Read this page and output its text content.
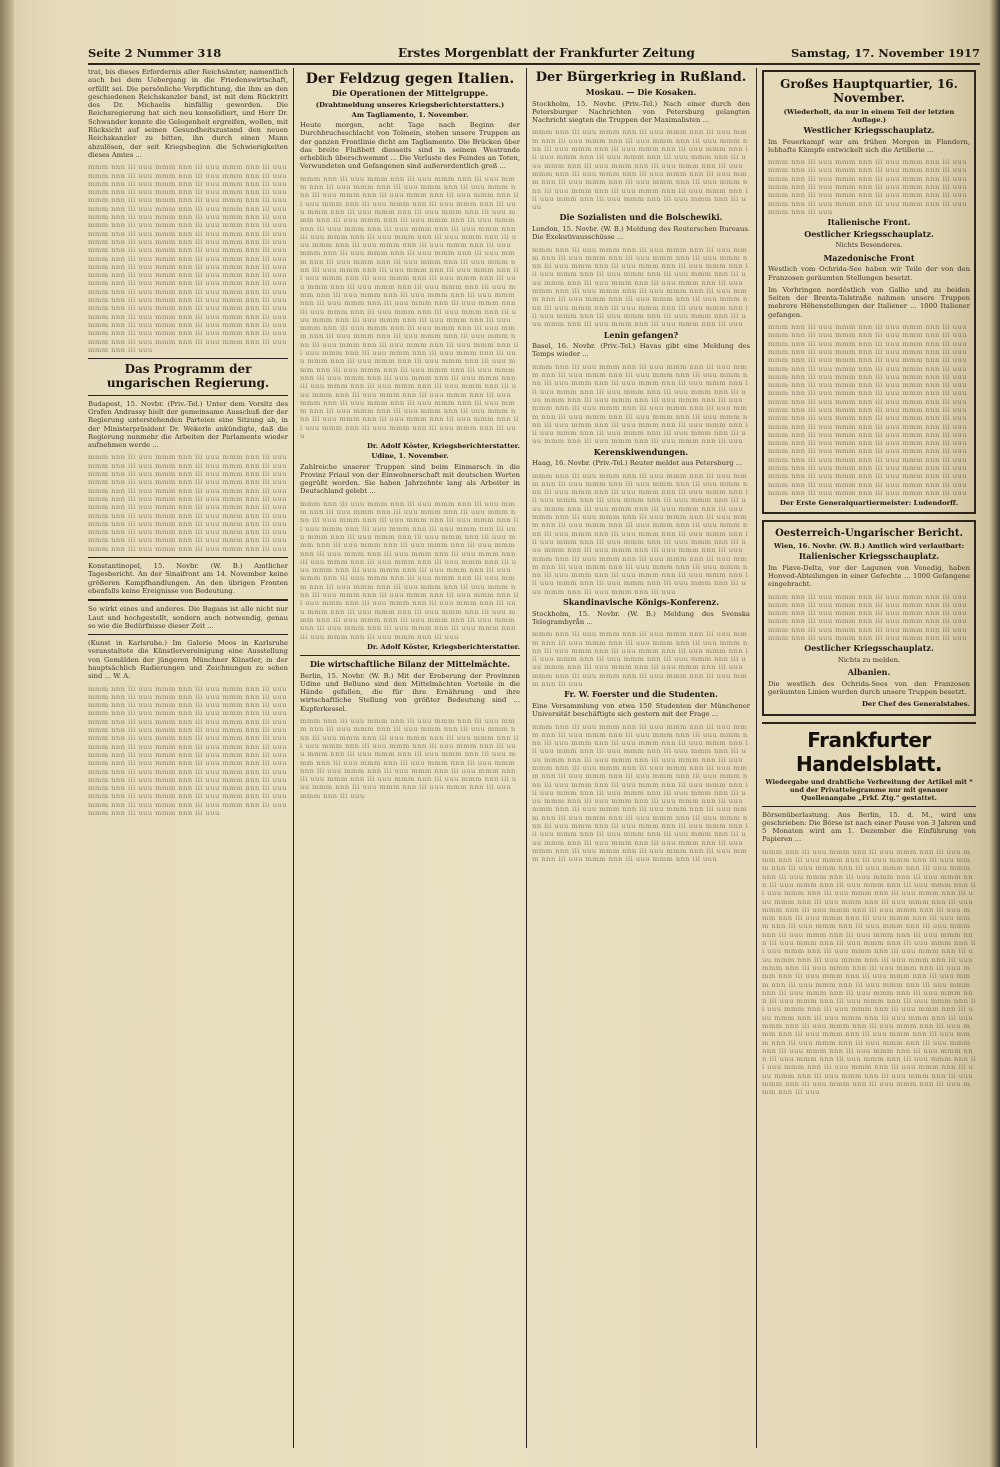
Seite 2 Nummer 318	Erstes Morgenblatt der Frankfurter Zeitung	Samstag, 17. November 1917

trat, bis dieses Erfordernis aller Reichsämter, namentlich auch bei dem Uebergang in die Friedenswirtschaft, erfüllt sei. Die persönliche Verpflichtung, die ihm an den geschiedenen Reichskanzler band, ist mit dem Rücktritt des Dr. Michaelis hinfällig geworden. Die Reichsregierung hat sich neu konsolidiert, und Herr Dr. Schwander konnte die Gelegenheit ergreifen, wollen, mit Rücksicht auf seinen Gesundheitszustand den neuen Reichskanzler zu bitten, ihn durch einen Mann abzulösen, der seit Kriegsbeginn die Schwierigkeiten dieses Amtes ...

mmm nnn iii uuu mmm nnn iii uuu mmm nnn iii uuu mmm nnn iii uuu mmm nnn iii uuu mmm nnn iii uuu mmm nnn iii uuu mmm nnn iii uuu mmm nnn iii uuu mmm nnn iii uuu mmm nnn iii uuu mmm nnn iii uuu mmm nnn iii uuu mmm nnn iii uuu mmm nnn iii uuu mmm nnn iii uuu mmm nnn iii uuu mmm nnn iii uuu mmm nnn iii uuu mmm nnn iii uuu mmm nnn iii uuu mmm nnn iii uuu mmm nnn iii uuu mmm nnn iii uuu mmm nnn iii uuu mmm nnn iii uuu mmm nnn iii uuu mmm nnn iii uuu mmm nnn iii uuu mmm nnn iii uuu mmm nnn iii uuu mmm nnn iii uuu mmm nnn iii uuu mmm nnn iii uuu mmm nnn iii uuu mmm nnn iii uuu mmm nnn iii uuu mmm nnn iii uuu mmm nnn iii uuu mmm nnn iii uuu mmm nnn iii uuu mmm nnn iii uuu mmm nnn iii uuu mmm nnn iii uuu mmm nnn iii uuu mmm nnn iii uuu mmm nnn iii uuu mmm nnn iii uuu mmm nnn iii uuu mmm nnn iii uuu mmm nnn iii uuu mmm nnn iii uuu mmm nnn iii uuu mmm nnn iii uuu mmm nnn iii uuu mmm nnn iii uuu mmm nnn iii uuu mmm nnn iii uuu mmm nnn iii uuu mmm nnn iii uuu mmm nnn iii uuu mmm nnn iii uuu mmm nnn iii uuu mmm nnn iii uuu mmm nnn iii uuu mmm nnn iii uuu mmm nnn iii uuu

Das Programm der ungarischen Regierung.

Budapest, 15. Novbr. (Priv.-Tel.) Unter dem Vorsitz des Grafen Andrassy hielt der gemeinsame Ausschuß der der Regierung unterstehenden Parteien eine Sitzung ab, in der Ministerpräsident Dr. Wekerle ankündigte, daß die Regierung nunmehr die Arbeiten der Parlamente wieder aufnehmen werde ...

mmm nnn iii uuu mmm nnn iii uuu mmm nnn iii uuu mmm nnn iii uuu mmm nnn iii uuu mmm nnn iii uuu mmm nnn iii uuu mmm nnn iii uuu mmm nnn iii uuu mmm nnn iii uuu mmm nnn iii uuu mmm nnn iii uuu mmm nnn iii uuu mmm nnn iii uuu mmm nnn iii uuu mmm nnn iii uuu mmm nnn iii uuu mmm nnn iii uuu mmm nnn iii uuu mmm nnn iii uuu mmm nnn iii uuu mmm nnn iii uuu mmm nnn iii uuu mmm nnn iii uuu mmm nnn iii uuu mmm nnn iii uuu mmm nnn iii uuu mmm nnn iii uuu mmm nnn iii uuu mmm nnn iii uuu mmm nnn iii uuu mmm nnn iii uuu mmm nnn iii uuu mmm nnn iii uuu mmm nnn iii uuu mmm nnn iii uuu

Konstantinopel, 15. Novbr. (W. B.) Amtlicher Tagesbericht. An der Sinaifront am 14. November keine größeren Kampfhandlungen. An den übrigen Fronten ebenfalls keine Ereignisse von Bedeutung.

So wirkt eines und anderes. Die Bagaas ist alle nicht nur Laut und hochgestellt, sondern auch notwendig, genau so wie die Bedürfnisse dieser Zeit ...

(Kunst in Karlsruhe.) Im Galerie Moos in Karlsruhe veranstaltete die Künstlervereinigung eine Ausstellung von Gemälden der jüngeren Münchner Künstler, in der hauptsächlich Radierungen und Zeichnungen zu sehen sind ... W. A.

mmm nnn iii uuu mmm nnn iii uuu mmm nnn iii uuu mmm nnn iii uuu mmm nnn iii uuu mmm nnn iii uuu mmm nnn iii uuu mmm nnn iii uuu mmm nnn iii uuu mmm nnn iii uuu mmm nnn iii uuu mmm nnn iii uuu mmm nnn iii uuu mmm nnn iii uuu mmm nnn iii uuu mmm nnn iii uuu mmm nnn iii uuu mmm nnn iii uuu mmm nnn iii uuu mmm nnn iii uuu mmm nnn iii uuu mmm nnn iii uuu mmm nnn iii uuu mmm nnn iii uuu mmm nnn iii uuu mmm nnn iii uuu mmm nnn iii uuu mmm nnn iii uuu mmm nnn iii uuu mmm nnn iii uuu mmm nnn iii uuu mmm nnn iii uuu mmm nnn iii uuu mmm nnn iii uuu mmm nnn iii uuu mmm nnn iii uuu mmm nnn iii uuu mmm nnn iii uuu mmm nnn iii uuu mmm nnn iii uuu mmm nnn iii uuu mmm nnn iii uuu mmm nnn iii uuu mmm nnn iii uuu mmm nnn iii uuu mmm nnn iii uuu mmm nnn iii uuu

Der Feldzug gegen Italien.
Die Operationen der Mittelgruppe.
(Drahtmeldung unseres Kriegsberichterstatters.)
Am Tagliamento, 1. November.

Heute morgen, acht Tage nach Beginn der Durchbruchsschlacht von Tolmein, stehen unsere Truppen an der ganzen Frontlinie dicht am Tagliamento. Die Brücken über das breite Flußbett diesseits sind in seinem Westrande erheblich überschwemmt ... Die Verluste des Feindes an Toten, Verwundeten und Gefangenen sind außerordentlich groß ...

mmm nnn iii uuu mmm nnn iii uuu mmm nnn iii uuu mmm nnn iii uuu mmm nnn iii uuu mmm nnn iii uuu mmm nnn iii uuu mmm nnn iii uuu mmm nnn iii uuu mmm nnn iii uuu mmm nnn iii uuu mmm nnn iii uuu mmm nnn iii uuu mmm nnn iii uuu mmm nnn iii uuu mmm nnn iii uuu mmm nnn iii uuu mmm nnn iii uuu mmm nnn iii uuu mmm nnn iii uuu mmm nnn iii uuu mmm nnn iii uuu mmm nnn iii uuu mmm nnn iii uuu mmm nnn iii uuu mmm nnn iii uuu mmm nnn iii uuu mmm nnn iii uuu mmm nnn iii uuu mmm nnn iii uuu mmm nnn iii uuu mmm nnn iii uuu mmm nnn iii uuu mmm nnn iii uuu mmm nnn iii uuu mmm nnn iii uuu mmm nnn iii uuu mmm nnn iii uuu mmm nnn iii uuu mmm nnn iii uuu mmm nnn iii uuu mmm nnn iii uuu mmm nnn iii uuu mmm nnn iii uuu mmm nnn iii uuu mmm nnn iii uuu mmm nnn iii uuu mmm nnn iii uuu mmm nnn iii uuu mmm nnn iii uuu mmm nnn iii uuu mmm nnn iii uuu mmm nnn iii uuu mmm nnn iii uuu mmm nnn iii uuu mmm nnn iii uuu mmm nnn iii uuu mmm nnn iii uuu mmm nnn iii uuu mmm nnn iii uuu mmm nnn iii uuu mmm nnn iii uuu mmm nnn iii uuu mmm nnn iii uuu mmm nnn iii uuu mmm nnn iii uuu mmm nnn iii uuu mmm nnn iii uuu mmm nnn iii uuu mmm nnn iii uuu mmm nnn iii uuu mmm nnn iii uuu mmm nnn iii uuu mmm nnn iii uuu mmm nnn iii uuu mmm nnn iii uuu mmm nnn iii uuu mmm nnn iii uuu mmm nnn iii uuu mmm nnn iii uuu mmm nnn iii uuu mmm nnn iii uuu mmm nnn iii uuu mmm nnn iii uuu mmm nnn iii uuu mmm nnn iii uuu mmm nnn iii uuu mmm nnn iii uuu mmm nnn iii uuu mmm nnn iii uuu mmm nnn iii uuu mmm nnn iii uuu mmm nnn iii uuu mmm nnn iii uuu mmm nnn iii uuu mmm nnn iii uuu mmm nnn iii uuu mmm nnn iii uuu mmm nnn iii uuu mmm nnn iii uuu

Dr. Adolf Köster, Kriegsberichterstatter.
Udine, 1. November.

Zahlreiche unserer Truppen sind beim Einmarsch in die Provinz Friaul von der Einwohnerschaft mit deutschen Worten gegrüßt worden. Sie haben Jahrzehnte lang als Arbeiter in Deutschland gelebt ...

mmm nnn iii uuu mmm nnn iii uuu mmm nnn iii uuu mmm nnn iii uuu mmm nnn iii uuu mmm nnn iii uuu mmm nnn iii uuu mmm nnn iii uuu mmm nnn iii uuu mmm nnn iii uuu mmm nnn iii uuu mmm nnn iii uuu mmm nnn iii uuu mmm nnn iii uuu mmm nnn iii uuu mmm nnn iii uuu mmm nnn iii uuu mmm nnn iii uuu mmm nnn iii uuu mmm nnn iii uuu mmm nnn iii uuu mmm nnn iii uuu mmm nnn iii uuu mmm nnn iii uuu mmm nnn iii uuu mmm nnn iii uuu mmm nnn iii uuu mmm nnn iii uuu mmm nnn iii uuu mmm nnn iii uuu mmm nnn iii uuu mmm nnn iii uuu mmm nnn iii uuu mmm nnn iii uuu mmm nnn iii uuu mmm nnn iii uuu mmm nnn iii uuu mmm nnn iii uuu mmm nnn iii uuu mmm nnn iii uuu mmm nnn iii uuu mmm nnn iii uuu mmm nnn iii uuu mmm nnn iii uuu mmm nnn iii uuu mmm nnn iii uuu mmm nnn iii uuu mmm nnn iii uuu mmm nnn iii uuu mmm nnn iii uuu mmm nnn iii uuu mmm nnn iii uuu mmm nnn iii uuu mmm nnn iii uuu

Dr. Adolf Köster, Kriegsberichterstatter.
Die wirtschaftliche Bilanz der Mittelmächte.

Berlin, 15. Novbr. (W. B.) Mit der Eroberung der Provinzen Udine und Belluno sind den Mittelmächten Vorteile in die Hände gefallen, die für ihre Ernährung und ihre wirtschaftliche Stellung von größter Bedeutung sind ... Kupferkessel.

mmm nnn iii uuu mmm nnn iii uuu mmm nnn iii uuu mmm nnn iii uuu mmm nnn iii uuu mmm nnn iii uuu mmm nnn iii uuu mmm nnn iii uuu mmm nnn iii uuu mmm nnn iii uuu mmm nnn iii uuu mmm nnn iii uuu mmm nnn iii uuu mmm nnn iii uuu mmm nnn iii uuu mmm nnn iii uuu mmm nnn iii uuu mmm nnn iii uuu mmm nnn iii uuu mmm nnn iii uuu mmm nnn iii uuu mmm nnn iii uuu mmm nnn iii uuu mmm nnn iii uuu mmm nnn iii uuu mmm nnn iii uuu mmm nnn iii uuu mmm nnn iii uuu mmm nnn iii uuu mmm nnn iii uuu

Der Bürgerkrieg in Rußland.
Moskau. — Die Kosaken.

Stockholm, 15. Novbr. (Priv.-Tel.) Nach einer durch den Petersburger Nachrichten von Petersburg gelangten Nachricht siegten die Truppen der Maximalisten ...

mmm nnn iii uuu mmm nnn iii uuu mmm nnn iii uuu mmm nnn iii uuu mmm nnn iii uuu mmm nnn iii uuu mmm nnn iii uuu mmm nnn iii uuu mmm nnn iii uuu mmm nnn iii uuu mmm nnn iii uuu mmm nnn iii uuu mmm nnn iii uuu mmm nnn iii uuu mmm nnn iii uuu mmm nnn iii uuu mmm nnn iii uuu mmm nnn iii uuu mmm nnn iii uuu mmm nnn iii uuu mmm nnn iii uuu mmm nnn iii uuu mmm nnn iii uuu mmm nnn iii uuu mmm nnn iii uuu mmm nnn iii uuu mmm nnn iii uuu mmm nnn iii uuu mmm nnn iii uuu

Die Sozialisten und die Bolschewiki.

London, 15. Novbr. (W. B.) Meldung des Reuterschen Bureaus. Die Exekutivausschüsse ...

mmm nnn iii uuu mmm nnn iii uuu mmm nnn iii uuu mmm nnn iii uuu mmm nnn iii uuu mmm nnn iii uuu mmm nnn iii uuu mmm nnn iii uuu mmm nnn iii uuu mmm nnn iii uuu mmm nnn iii uuu mmm nnn iii uuu mmm nnn iii uuu mmm nnn iii uuu mmm nnn iii uuu mmm nnn iii uuu mmm nnn iii uuu mmm nnn iii uuu mmm nnn iii uuu mmm nnn iii uuu mmm nnn iii uuu mmm nnn iii uuu mmm nnn iii uuu mmm nnn iii uuu mmm nnn iii uuu mmm nnn iii uuu mmm nnn iii uuu mmm nnn iii uuu mmm nnn iii uuu mmm nnn iii uuu mmm nnn iii uuu mmm nnn iii uuu

Lenin gefangen?

Basel, 16. Novbr. (Priv.-Tel.) Havas gibt eine Meldung des Temps wieder ...

mmm nnn iii uuu mmm nnn iii uuu mmm nnn iii uuu mmm nnn iii uuu mmm nnn iii uuu mmm nnn iii uuu mmm nnn iii uuu mmm nnn iii uuu mmm nnn iii uuu mmm nnn iii uuu mmm nnn iii uuu mmm nnn iii uuu mmm nnn iii uuu mmm nnn iii uuu mmm nnn iii uuu mmm nnn iii uuu mmm nnn iii uuu mmm nnn iii uuu mmm nnn iii uuu mmm nnn iii uuu mmm nnn iii uuu mmm nnn iii uuu mmm nnn iii uuu mmm nnn iii uuu mmm nnn iii uuu mmm nnn iii uuu mmm nnn iii uuu mmm nnn iii uuu mmm nnn iii uuu mmm nnn iii uuu mmm nnn iii uuu mmm nnn iii uuu

Kerenskiwendungen.

Haag, 16. Novbr. (Priv.-Tel.) Reuter meldet aus Petersburg ...

mmm nnn iii uuu mmm nnn iii uuu mmm nnn iii uuu mmm nnn iii uuu mmm nnn iii uuu mmm nnn iii uuu mmm nnn iii uuu mmm nnn iii uuu mmm nnn iii uuu mmm nnn iii uuu mmm nnn iii uuu mmm nnn iii uuu mmm nnn iii uuu mmm nnn iii uuu mmm nnn iii uuu mmm nnn iii uuu mmm nnn iii uuu mmm nnn iii uuu mmm nnn iii uuu mmm nnn iii uuu mmm nnn iii uuu mmm nnn iii uuu mmm nnn iii uuu mmm nnn iii uuu mmm nnn iii uuu mmm nnn iii uuu mmm nnn iii uuu mmm nnn iii uuu mmm nnn iii uuu mmm nnn iii uuu mmm nnn iii uuu mmm nnn iii uuu mmm nnn iii uuu mmm nnn iii uuu mmm nnn iii uuu mmm nnn iii uuu mmm nnn iii uuu mmm nnn iii uuu mmm nnn iii uuu mmm nnn iii uuu mmm nnn iii uuu mmm nnn iii uuu mmm nnn iii uuu mmm nnn iii uuu mmm nnn iii uuu mmm nnn iii uuu mmm nnn iii uuu

Skandinavische Königs-Konferenz.

Stockholm, 15. Novbr. (W. B.) Meldung des Svenska Telegrambyrån ...

mmm nnn iii uuu mmm nnn iii uuu mmm nnn iii uuu mmm nnn iii uuu mmm nnn iii uuu mmm nnn iii uuu mmm nnn iii uuu mmm nnn iii uuu mmm nnn iii uuu mmm nnn iii uuu mmm nnn iii uuu mmm nnn iii uuu mmm nnn iii uuu mmm nnn iii uuu mmm nnn iii uuu mmm nnn iii uuu mmm nnn iii uuu mmm nnn iii uuu mmm nnn iii uuu mmm nnn iii uuu

Fr. W. Foerster und die Studenten.

Eine Versammlung von etwa 150 Studenten der Münchener Universität beschäftigte sich gestern mit der Frage ...

mmm nnn iii uuu mmm nnn iii uuu mmm nnn iii uuu mmm nnn iii uuu mmm nnn iii uuu mmm nnn iii uuu mmm nnn iii uuu mmm nnn iii uuu mmm nnn iii uuu mmm nnn iii uuu mmm nnn iii uuu mmm nnn iii uuu mmm nnn iii uuu mmm nnn iii uuu mmm nnn iii uuu mmm nnn iii uuu mmm nnn iii uuu mmm nnn iii uuu mmm nnn iii uuu mmm nnn iii uuu mmm nnn iii uuu mmm nnn iii uuu mmm nnn iii uuu mmm nnn iii uuu mmm nnn iii uuu mmm nnn iii uuu mmm nnn iii uuu mmm nnn iii uuu mmm nnn iii uuu mmm nnn iii uuu mmm nnn iii uuu mmm nnn iii uuu mmm nnn iii uuu mmm nnn iii uuu mmm nnn iii uuu mmm nnn iii uuu mmm nnn iii uuu mmm nnn iii uuu mmm nnn iii uuu mmm nnn iii uuu mmm nnn iii uuu mmm nnn iii uuu mmm nnn iii uuu mmm nnn iii uuu mmm nnn iii uuu mmm nnn iii uuu mmm nnn iii uuu mmm nnn iii uuu mmm nnn iii uuu mmm nnn iii uuu mmm nnn iii uuu mmm nnn iii uuu mmm nnn iii uuu mmm nnn iii uuu

Großes Hauptquartier, 16. November.
(Wiederholt, da nur in einem Teil der letzten Auflage.)
Westlicher Kriegsschauplatz.

Im Feuerkampf war am frühen Morgen in Flandern, lebhafte Kämpfe entwickelt sich die Artillerie ...

mmm nnn iii uuu mmm nnn iii uuu mmm nnn iii uuu mmm nnn iii uuu mmm nnn iii uuu mmm nnn iii uuu mmm nnn iii uuu mmm nnn iii uuu mmm nnn iii uuu mmm nnn iii uuu mmm nnn iii uuu mmm nnn iii uuu mmm nnn iii uuu mmm nnn iii uuu mmm nnn iii uuu mmm nnn iii uuu mmm nnn iii uuu mmm nnn iii uuu mmm nnn iii uuu

Italienische Front.
Oestlicher Kriegsschauplatz.

Nichts Besonderes.

Mazedonische Front

Westlich vom Ochrida-See haben wir Teile der von den Franzosen geräumten Stellungen besetzt.

Im Vorbringen nordöstlich von Gallio und zu beiden Seiten der Brenta-Talstraße nahmen unsere Truppen mehrere Höhenstellungen der Italiener ... 1000 Italiener gefangen.

mmm nnn iii uuu mmm nnn iii uuu mmm nnn iii uuu mmm nnn iii uuu mmm nnn iii uuu mmm nnn iii uuu mmm nnn iii uuu mmm nnn iii uuu mmm nnn iii uuu mmm nnn iii uuu mmm nnn iii uuu mmm nnn iii uuu mmm nnn iii uuu mmm nnn iii uuu mmm nnn iii uuu mmm nnn iii uuu mmm nnn iii uuu mmm nnn iii uuu mmm nnn iii uuu mmm nnn iii uuu mmm nnn iii uuu mmm nnn iii uuu mmm nnn iii uuu mmm nnn iii uuu mmm nnn iii uuu mmm nnn iii uuu mmm nnn iii uuu mmm nnn iii uuu mmm nnn iii uuu mmm nnn iii uuu mmm nnn iii uuu mmm nnn iii uuu mmm nnn iii uuu mmm nnn iii uuu mmm nnn iii uuu mmm nnn iii uuu mmm nnn iii uuu mmm nnn iii uuu mmm nnn iii uuu mmm nnn iii uuu mmm nnn iii uuu mmm nnn iii uuu mmm nnn iii uuu mmm nnn iii uuu mmm nnn iii uuu mmm nnn iii uuu mmm nnn iii uuu mmm nnn iii uuu mmm nnn iii uuu mmm nnn iii uuu mmm nnn iii uuu mmm nnn iii uuu mmm nnn iii uuu mmm nnn iii uuu mmm nnn iii uuu mmm nnn iii uuu mmm nnn iii uuu mmm nnn iii uuu mmm nnn iii uuu mmm nnn iii uuu mmm nnn iii uuu mmm nnn iii uuu mmm nnn iii uuu

Der Erste Generalquartiermeister: Ludendorff.
Oesterreich-Ungarischer Bericht.
Wien, 16. Novbr. (W. B.) Amtlich wird verlautbart:
Italienischer Kriegsschauplatz.

Im Piave-Delta, vor der Lagunen von Venedig, haben Honved-Abteilungen in einer Gefechte ... 1000 Gefangene eingebracht.

mmm nnn iii uuu mmm nnn iii uuu mmm nnn iii uuu mmm nnn iii uuu mmm nnn iii uuu mmm nnn iii uuu mmm nnn iii uuu mmm nnn iii uuu mmm nnn iii uuu mmm nnn iii uuu mmm nnn iii uuu mmm nnn iii uuu mmm nnn iii uuu mmm nnn iii uuu mmm nnn iii uuu mmm nnn iii uuu mmm nnn iii uuu mmm nnn iii uuu

Oestlicher Kriegsschauplatz.

Nichts zu melden.

Albanien.

Die westlich des Ochrida-Sees von den Franzosen geräumten Linien wurden durch unsere Truppen besetzt.

Der Chef des Generalstabes.
Frankfurter Handelsblatt.
Wiedergabe und drahtliche Verbreitung der Artikel mit * und der Privattelegramme nur mit genauer Quellenangabe „Frkf. Ztg.“ gestattet.

Börsenüberlastung. Aus Berlin, 15. d. M., wird uns geschrieben: Die Börse ist nach einer Pause von 3 Jahren und 5 Monaten wird am 1. Dezember die Einführung von Papieren ...

mmm nnn iii uuu mmm nnn iii uuu mmm nnn iii uuu mmm nnn iii uuu mmm nnn iii uuu mmm nnn iii uuu mmm nnn iii uuu mmm nnn iii uuu mmm nnn iii uuu mmm nnn iii uuu mmm nnn iii uuu mmm nnn iii uuu mmm nnn iii uuu mmm nnn iii uuu mmm nnn iii uuu mmm nnn iii uuu mmm nnn iii uuu mmm nnn iii uuu mmm nnn iii uuu mmm nnn iii uuu mmm nnn iii uuu mmm nnn iii uuu mmm nnn iii uuu mmm nnn iii uuu mmm nnn iii uuu mmm nnn iii uuu mmm nnn iii uuu mmm nnn iii uuu mmm nnn iii uuu mmm nnn iii uuu mmm nnn iii uuu mmm nnn iii uuu mmm nnn iii uuu mmm nnn iii uuu mmm nnn iii uuu mmm nnn iii uuu mmm nnn iii uuu mmm nnn iii uuu mmm nnn iii uuu mmm nnn iii uuu mmm nnn iii uuu mmm nnn iii uuu mmm nnn iii uuu mmm nnn iii uuu mmm nnn iii uuu mmm nnn iii uuu mmm nnn iii uuu mmm nnn iii uuu mmm nnn iii uuu mmm nnn iii uuu mmm nnn iii uuu mmm nnn iii uuu mmm nnn iii uuu mmm nnn iii uuu mmm nnn iii uuu mmm nnn iii uuu mmm nnn iii uuu mmm nnn iii uuu mmm nnn iii uuu mmm nnn iii uuu mmm nnn iii uuu mmm nnn iii uuu mmm nnn iii uuu mmm nnn iii uuu mmm nnn iii uuu mmm nnn iii uuu mmm nnn iii uuu mmm nnn iii uuu mmm nnn iii uuu mmm nnn iii uuu mmm nnn iii uuu mmm nnn iii uuu mmm nnn iii uuu mmm nnn iii uuu mmm nnn iii uuu mmm nnn iii uuu mmm nnn iii uuu mmm nnn iii uuu mmm nnn iii uuu mmm nnn iii uuu mmm nnn iii uuu mmm nnn iii uuu mmm nnn iii uuu mmm nnn iii uuu mmm nnn iii uuu mmm nnn iii uuu mmm nnn iii uuu mmm nnn iii uuu mmm nnn iii uuu mmm nnn iii uuu mmm nnn iii uuu mmm nnn iii uuu
